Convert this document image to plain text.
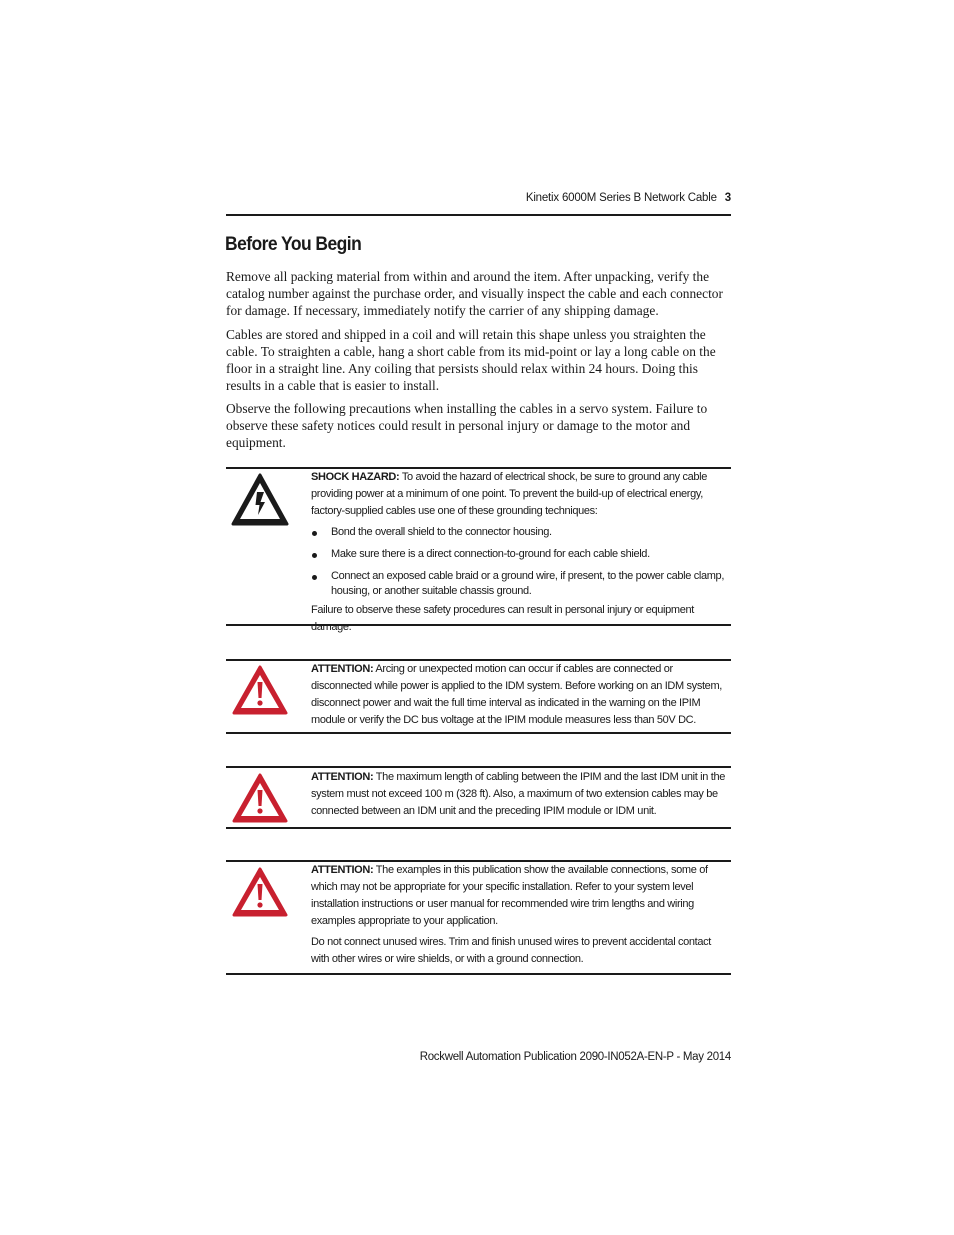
Kinetix 6000M Series B Network Cable 3
Before You Begin

Remove all packing material from within and around the item. After unpacking, verify the catalog number against the purchase order, and visually inspect the cable and each connector for damage. If necessary, immediately notify the carrier of any shipping damage.

Cables are stored and shipped in a coil and will retain this shape unless you straighten the cable. To straighten a cable, hang a short cable from its mid-point or lay a long cable on the floor in a straight line. Any coiling that persists should relax within 24 hours. Doing this results in a cable that is easier to install.

Observe the following precautions when installing the cables in a servo system. Failure to observe these safety notices could result in personal injury or damage to the motor and equipment.

SHOCK HAZARD: To avoid the hazard of electrical shock, be sure to ground any cable providing power at a minimum of one point. To prevent the build-up of electrical energy, factory-supplied cables use one of these grounding techniques:

Bond the overall shield to the connector housing.
Make sure there is a direct connection-to-ground for each cable shield.
Connect an exposed cable braid or a ground wire, if present, to the power cable clamp, housing, or another suitable chassis ground.

Failure to observe these safety procedures can result in personal injury or equipment damage.

ATTENTION: Arcing or unexpected motion can occur if cables are connected or disconnected while power is applied to the IDM system. Before working on an IDM system, disconnect power and wait the full time interval as indicated in the warning on the IPIM module or verify the DC bus voltage at the IPIM module measures less than 50V DC.

ATTENTION: The maximum length of cabling between the IPIM and the last IDM unit in the system must not exceed 100 m (328 ft). Also, a maximum of two extension cables may be connected between an IDM unit and the preceding IPIM module or IDM unit.

ATTENTION: The examples in this publication show the available connections, some of which may not be appropriate for your specific installation. Refer to your system level installation instructions or user manual for recommended wire trim lengths and wiring examples appropriate to your application.

Do not connect unused wires. Trim and finish unused wires to prevent accidental contact with other wires or wire shields, or with a ground connection.

Rockwell Automation Publication 2090-IN052A-EN-P - May 2014
